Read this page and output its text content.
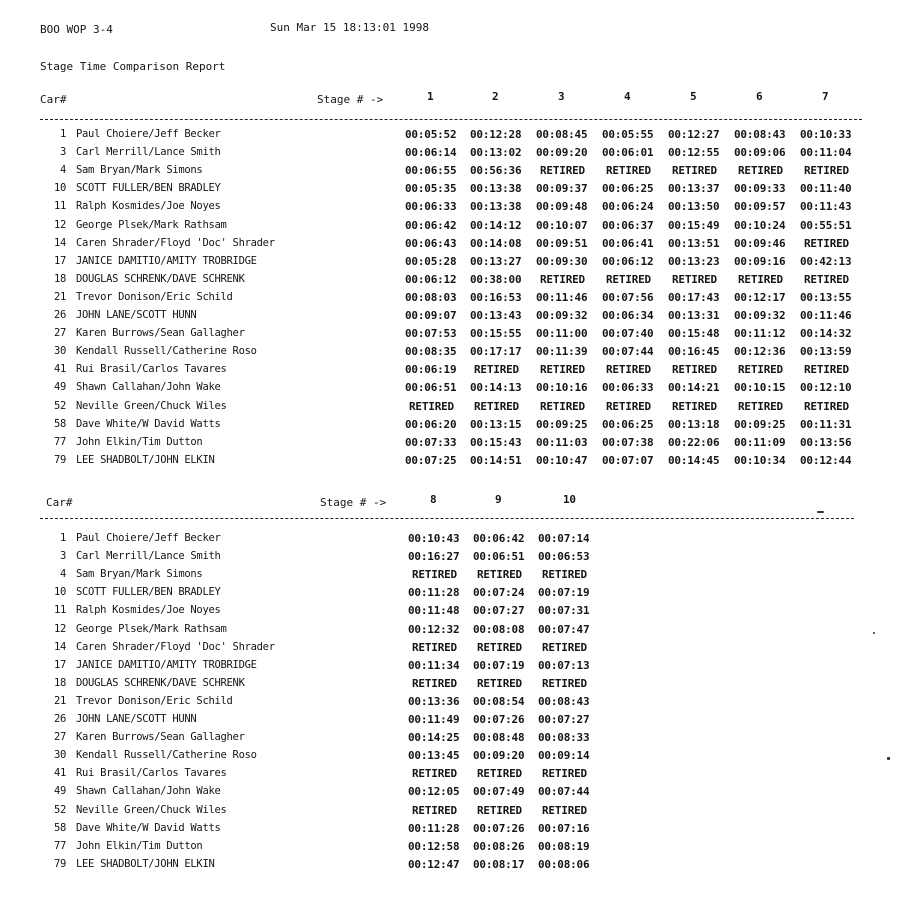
BOO WOP 3-4	Sun Mar 15 18:13:01 1998
Stage Time Comparison Report
Car#	Stage # ->	1	2	3	4	5	6	7
1 Paul Choiere/Jeff Becker	00:05:52 00:12:28 00:08:45 00:05:55 00:12:27 00:08:43 00:10:33
3 Carl Merrill/Lance Smith	00:06:14 00:13:02 00:09:20 00:06:01 00:12:55 00:09:06 00:11:04
4 Sam Bryan/Mark Simons	00:06:55 00:56:36 RETIRED RETIRED RETIRED RETIRED RETIRED
10 SCOTT FULLER/BEN BRADLEY	00:05:35 00:13:38 00:09:37 00:06:25 00:13:37 00:09:33 00:11:40
11 Ralph Kosmides/Joe Noyes	00:06:33 00:13:38 00:09:48 00:06:24 00:13:50 00:09:57 00:11:43
12 George Plsek/Mark Rathsam	00:06:42 00:14:12 00:10:07 00:06:37 00:15:49 00:10:24 00:55:51
14 Caren Shrader/Floyd 'Doc' Shrader	00:06:43 00:14:08 00:09:51 00:06:41 00:13:51 00:09:46 RETIRED
17 JANICE DAMITIO/AMITY TROBRIDGE	00:05:28 00:13:27 00:09:30 00:06:12 00:13:23 00:09:16 00:42:13
18 DOUGLAS SCHRENK/DAVE SCHRENK	00:06:12 00:38:00 RETIRED RETIRED RETIRED RETIRED RETIRED
21 Trevor Donison/Eric Schild	00:08:03 00:16:53 00:11:46 00:07:56 00:17:43 00:12:17 00:13:55
26 JOHN LANE/SCOTT HUNN	00:09:07 00:13:43 00:09:32 00:06:34 00:13:31 00:09:32 00:11:46
27 Karen Burrows/Sean Gallagher	00:07:53 00:15:55 00:11:00 00:07:40 00:15:48 00:11:12 00:14:32
30 Kendall Russell/Catherine Roso	00:08:35 00:17:17 00:11:39 00:07:44 00:16:45 00:12:36 00:13:59
41 Rui Brasil/Carlos Tavares	00:06:19 RETIRED RETIRED RETIRED RETIRED RETIRED RETIRED
49 Shawn Callahan/John Wake	00:06:51 00:14:13 00:10:16 00:06:33 00:14:21 00:10:15 00:12:10
52 Neville Green/Chuck Wiles	RETIRED RETIRED RETIRED RETIRED RETIRED RETIRED RETIRED
58 Dave White/W David Watts	00:06:20 00:13:15 00:09:25 00:06:25 00:13:18 00:09:25 00:11:31
77 John Elkin/Tim Dutton	00:07:33 00:15:43 00:11:03 00:07:38 00:22:06 00:11:09 00:13:56
79 LEE SHADBOLT/JOHN ELKIN	00:07:25 00:14:51 00:10:47 00:07:07 00:14:45 00:10:34 00:12:44
Car#	Stage # ->	8	9	10
1 Paul Choiere/Jeff Becker	00:10:43 00:06:42 00:07:14
3 Carl Merrill/Lance Smith	00:16:27 00:06:51 00:06:53
4 Sam Bryan/Mark Simons	RETIRED RETIRED RETIRED
10 SCOTT FULLER/BEN BRADLEY	00:11:28 00:07:24 00:07:19
11 Ralph Kosmides/Joe Noyes	00:11:48 00:07:27 00:07:31
12 George Plsek/Mark Rathsam	00:12:32 00:08:08 00:07:47
14 Caren Shrader/Floyd 'Doc' Shrader	RETIRED RETIRED RETIRED
17 JANICE DAMITIO/AMITY TROBRIDGE	00:11:34 00:07:19 00:07:13
18 DOUGLAS SCHRENK/DAVE SCHRENK	RETIRED RETIRED RETIRED
21 Trevor Donison/Eric Schild	00:13:36 00:08:54 00:08:43
26 JOHN LANE/SCOTT HUNN	00:11:49 00:07:26 00:07:27
27 Karen Burrows/Sean Gallagher	00:14:25 00:08:48 00:08:33
30 Kendall Russell/Catherine Roso	00:13:45 00:09:20 00:09:14
41 Rui Brasil/Carlos Tavares	RETIRED RETIRED RETIRED
49 Shawn Callahan/John Wake	00:12:05 00:07:49 00:07:44
52 Neville Green/Chuck Wiles	RETIRED RETIRED RETIRED
58 Dave White/W David Watts	00:11:28 00:07:26 00:07:16
77 John Elkin/Tim Dutton	00:12:58 00:08:26 00:08:19
79 LEE SHADBOLT/JOHN ELKIN	00:12:47 00:08:17 00:08:06
